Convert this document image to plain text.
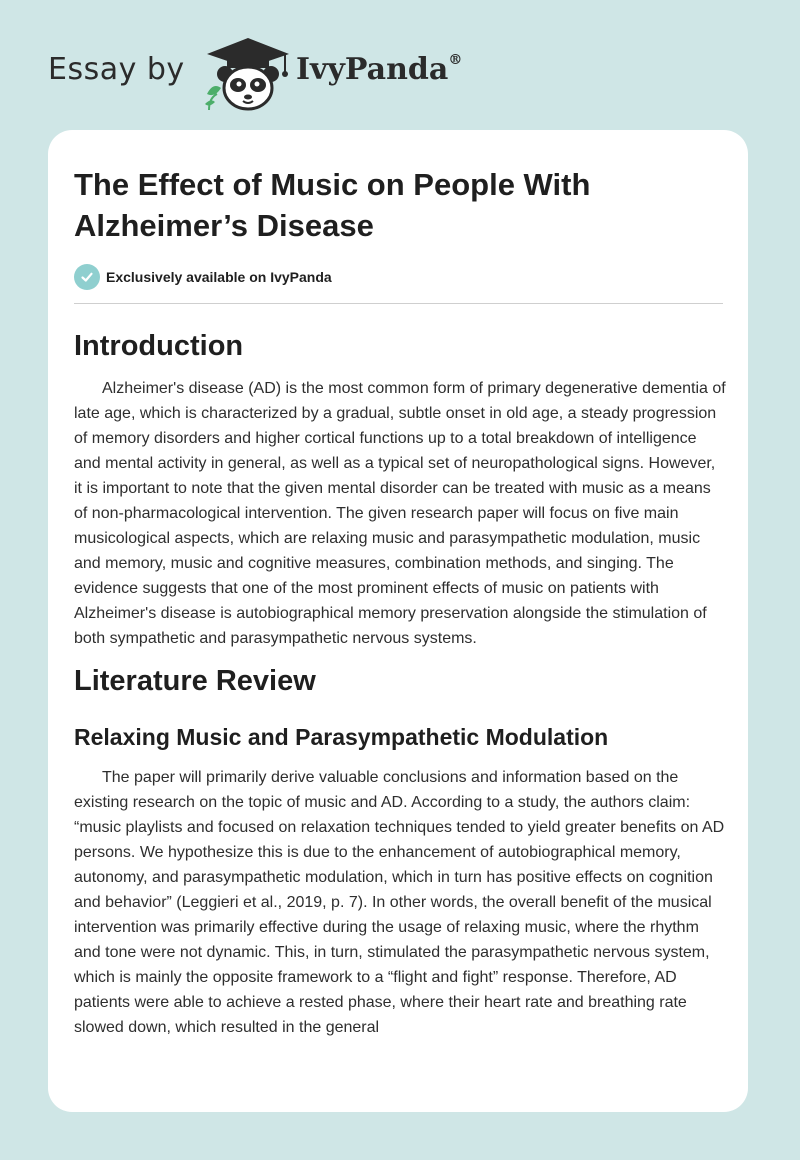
Essay by	IvyPanda®
The Effect of Music on People With Alzheimer’s Disease
Exclusively available on IvyPanda
Introduction

Alzheimer's disease (AD) is the most common form of primary degenerative dementia of late age, which is characterized by a gradual, subtle onset in old age, a steady progression of memory disorders and higher cortical functions up to a total breakdown of intelligence and mental activity in general, as well as a typical set of neuropathological signs. However, it is important to note that the given mental disorder can be treated with music as a means of non-pharmacological intervention. The given research paper will focus on five main musicological aspects, which are relaxing music and parasympathetic modulation, music and memory, music and cognitive measures, combination methods, and singing. The evidence suggests that one of the most prominent effects of music on patients with Alzheimer's disease is autobiographical memory preservation alongside the stimulation of both sympathetic and parasympathetic nervous systems.

Literature Review
Relaxing Music and Parasympathetic Modulation

The paper will primarily derive valuable conclusions and information based on the existing research on the topic of music and AD. According to a study, the authors claim: “music playlists and focused on relaxation techniques tended to yield greater benefits on AD persons. We hypothesize this is due to the enhancement of autobiographical memory, autonomy, and parasympathetic modulation, which in turn has positive effects on cognition and behavior” (Leggieri et al., 2019, p. 7). In other words, the overall benefit of the musical intervention was primarily effective during the usage of relaxing music, where the rhythm and tone were not dynamic. This, in turn, stimulated the parasympathetic nervous system, which is mainly the opposite framework to a “flight and fight” response. Therefore, AD patients were able to achieve a rested phase, where their heart rate and breathing rate slowed down, which resulted in the general
